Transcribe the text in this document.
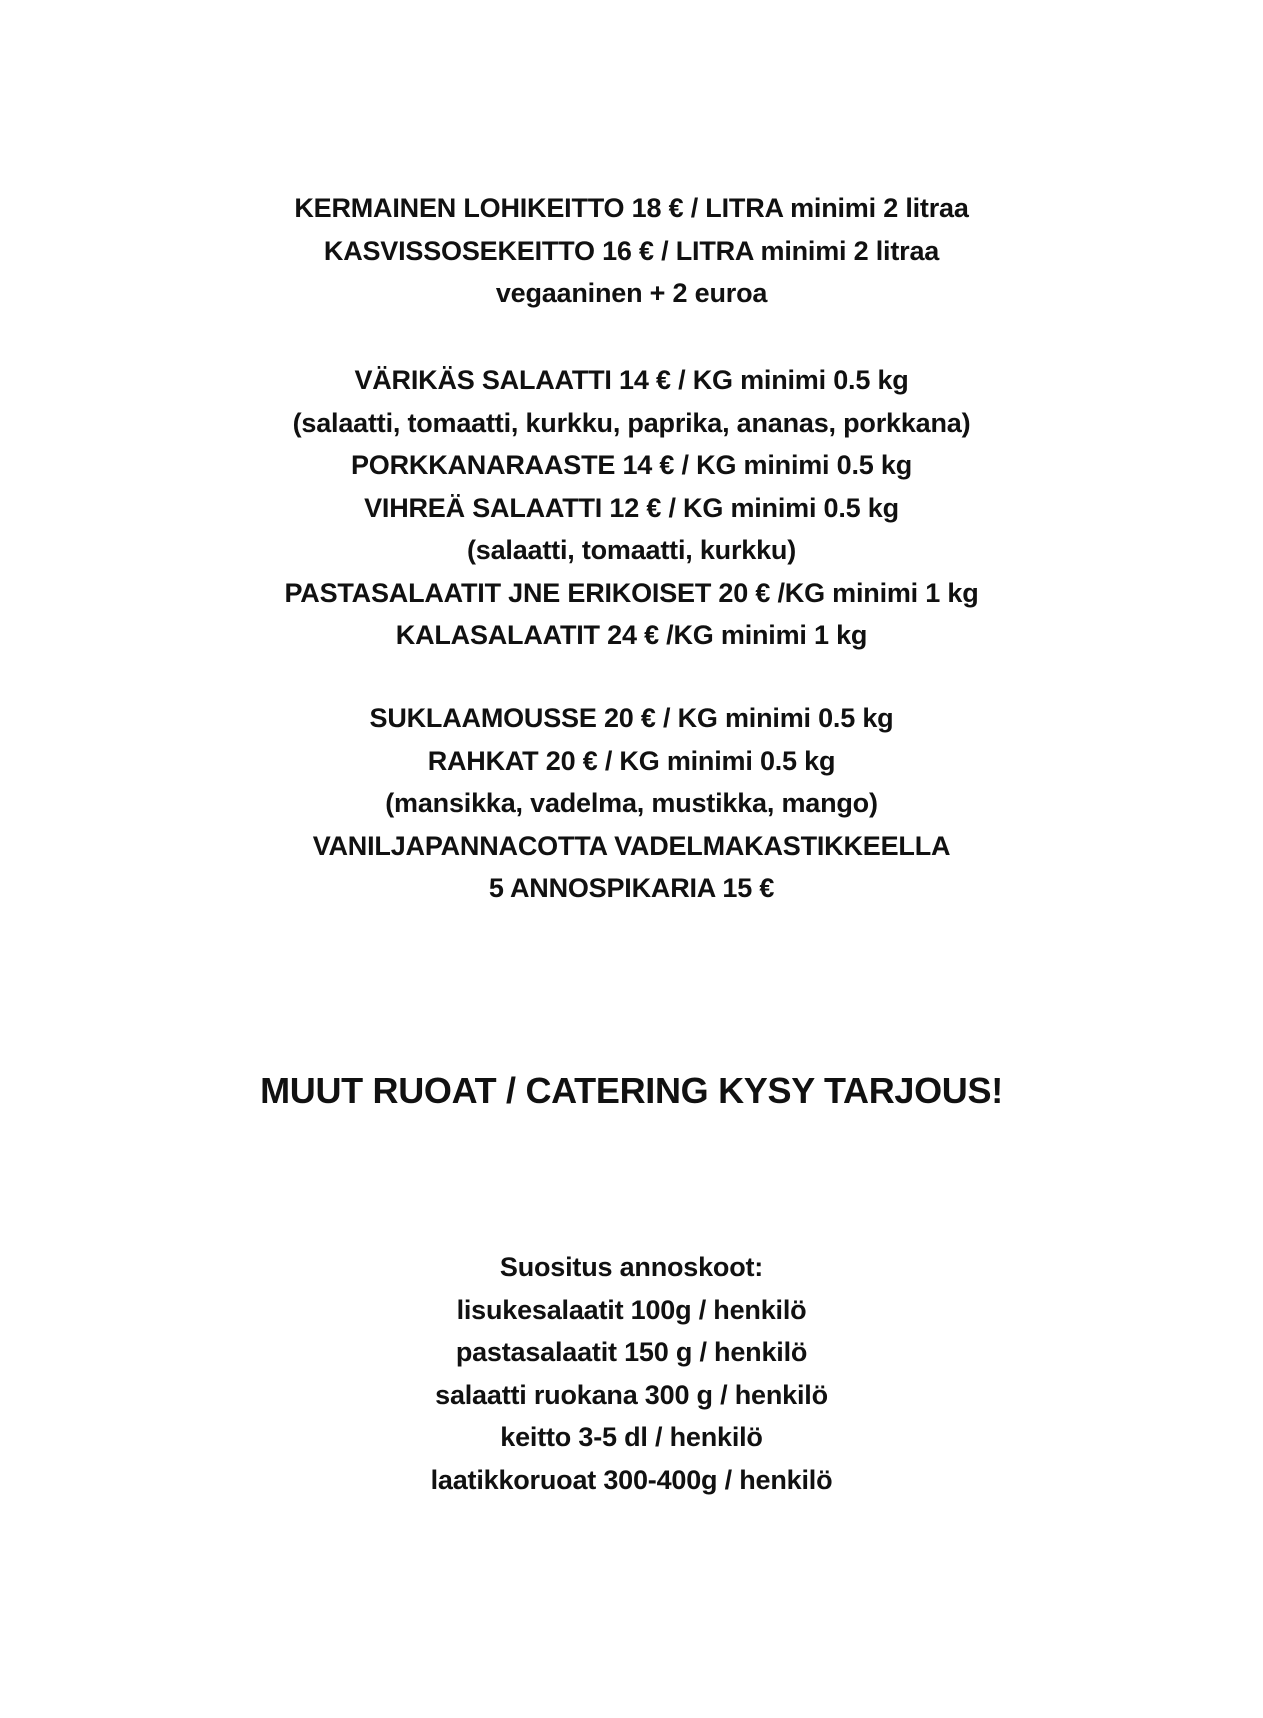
KERMAINEN LOHIKEITTO 18 € / LITRA minimi 2 litraa
KASVISSOSEKEITTO 16 € / LITRA minimi 2 litraa
vegaaninen + 2 euroa
VÄRIKÄS SALAATTI 14 € / KG minimi 0.5 kg
(salaatti, tomaatti, kurkku, paprika, ananas, porkkana)
PORKKANARAASTE 14 € / KG minimi 0.5 kg
VIHREÄ SALAATTI 12 € / KG minimi 0.5 kg
(salaatti, tomaatti, kurkku)
PASTASALAATIT JNE ERIKOISET 20 € /KG minimi 1 kg
KALASALAATIT 24 € /KG minimi 1 kg
SUKLAAMOUSSE 20 € / KG minimi 0.5 kg
RAHKAT 20 € / KG minimi 0.5 kg
(mansikka, vadelma, mustikka, mango)
VANILJAPANNACOTTA VADELMAKASTIKKEELLA
5 ANNOSPIKARIA 15 €
MUUT RUOAT / CATERING KYSY TARJOUS!
Suositus annoskoot:
lisukesalaatit 100g / henkilö
pastasalaatit 150 g / henkilö
salaatti ruokana 300 g / henkilö
keitto 3-5 dl / henkilö
laatikkoruoat 300-400g / henkilö
